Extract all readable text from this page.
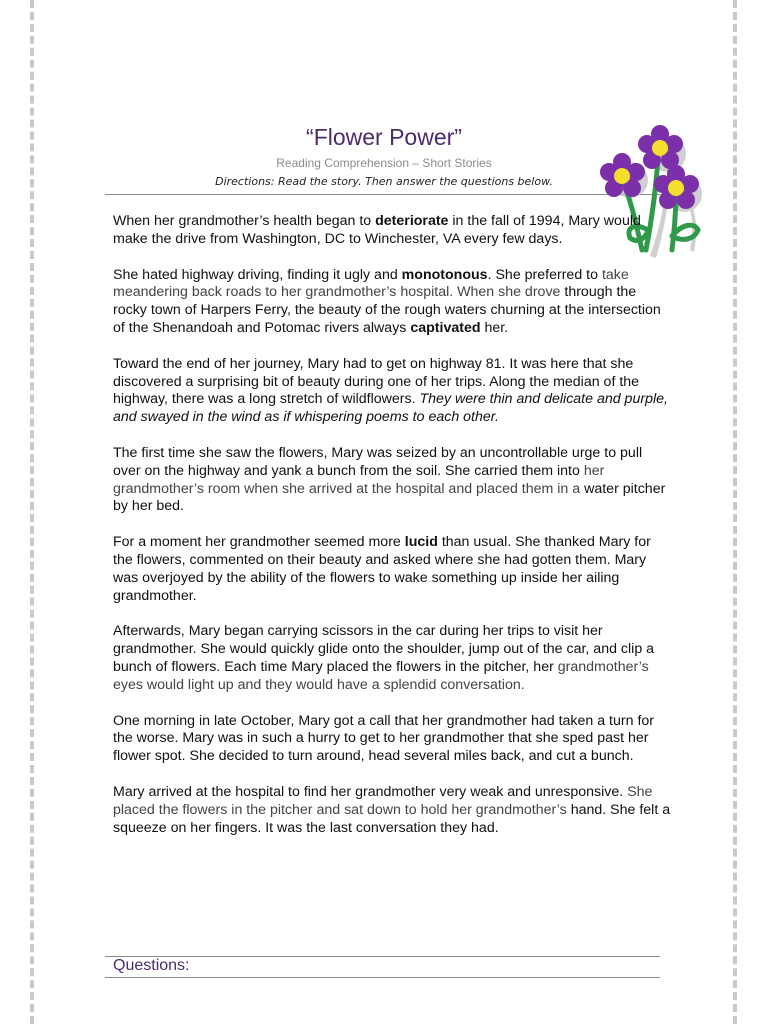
“Flower Power”
Reading Comprehension – Short Stories
Directions: Read the story. Then answer the questions below.

When her grandmother’s health began to deteriorate in the fall of 1994, Mary would make the drive from Washington, DC to Winchester, VA every few days.

She hated highway driving, finding it ugly and monotonous. She preferred to take meandering back roads to her grandmother’s hospital. When she drove through the rocky town of Harpers Ferry, the beauty of the rough waters churning at the intersection of the Shenandoah and Potomac rivers always captivated her.

Toward the end of her journey, Mary had to get on highway 81. It was here that she discovered a surprising bit of beauty during one of her trips. Along the median of the highway, there was a long stretch of wildflowers. They were thin and delicate and purple, and swayed in the wind as if whispering poems to each other.

The first time she saw the flowers, Mary was seized by an uncontrollable urge to pull over on the highway and yank a bunch from the soil. She carried them into her grandmother’s room when she arrived at the hospital and placed them in a water pitcher by her bed.

For a moment her grandmother seemed more lucid than usual. She thanked Mary for the flowers, commented on their beauty and asked where she had gotten them. Mary was overjoyed by the ability of the flowers to wake something up inside her ailing grandmother.

Afterwards, Mary began carrying scissors in the car during her trips to visit her grandmother. She would quickly glide onto the shoulder, jump out of the car, and clip a bunch of flowers. Each time Mary placed the flowers in the pitcher, her grandmother’s eyes would light up and they would have a splendid conversation.

One morning in late October, Mary got a call that her grandmother had taken a turn for the worse. Mary was in such a hurry to get to her grandmother that she sped past her flower spot. She decided to turn around, head several miles back, and cut a bunch.

Mary arrived at the hospital to find her grandmother very weak and unresponsive. She placed the flowers in the pitcher and sat down to hold her grandmother’s hand. She felt a squeeze on her fingers. It was the last conversation they had.

Questions:
